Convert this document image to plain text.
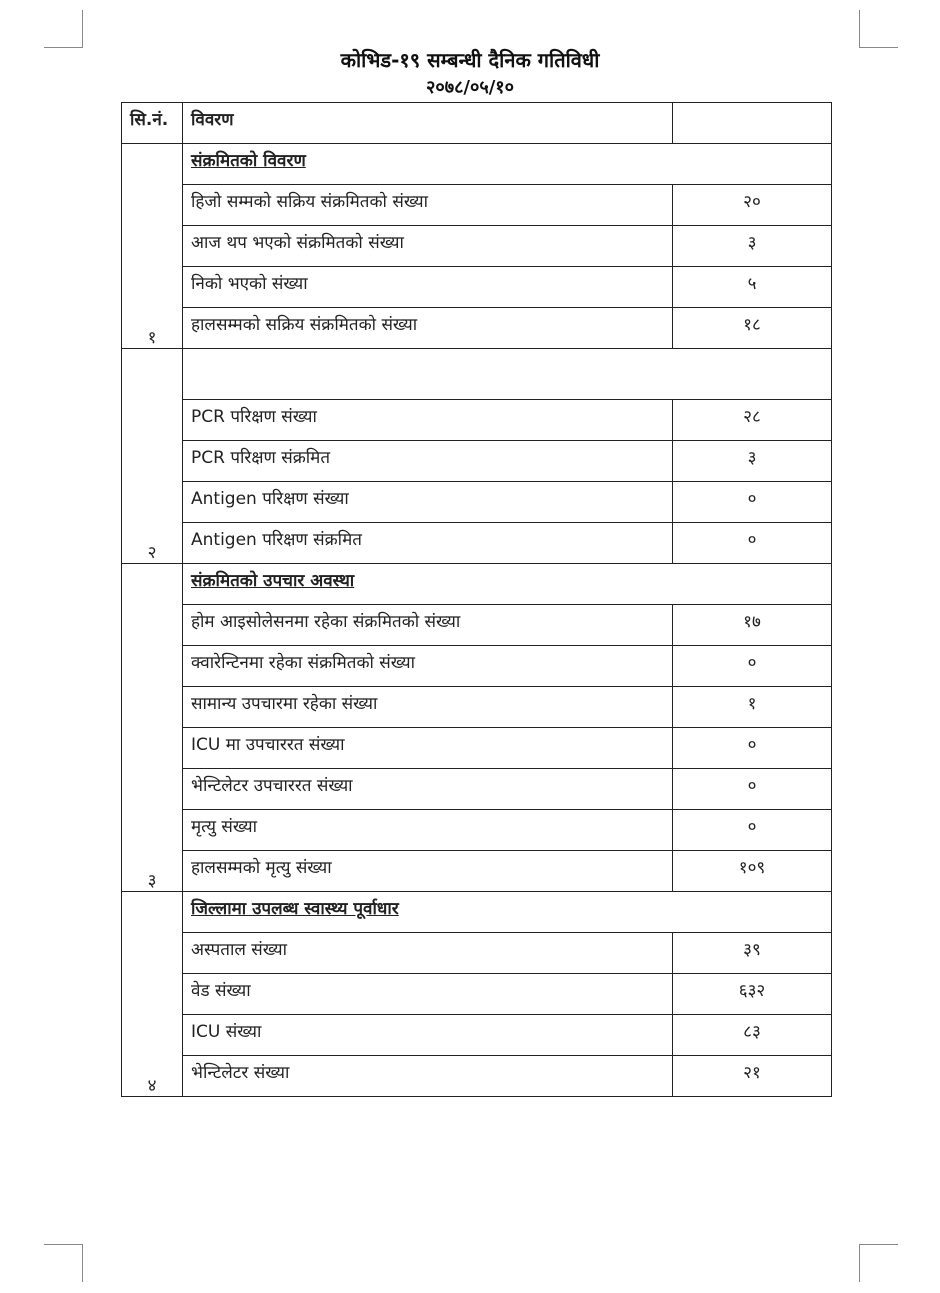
कोभिड-१९ सम्बन्धी दैनिक गतिविधी
२०७८/०५/१०
सि.नं.	विवरण	
१	संक्रमितको विवरण	
	हिजो सम्मको सक्रिय संक्रमितको संख्या	२०
	आज थप भएको संक्रमितको संख्या	३
	निको भएको संख्या	५
	हालसम्मको सक्रिय संक्रमितको संख्या	१८
२		
	PCR परिक्षण संख्या	२८
	PCR परिक्षण संक्रमित	३
	Antigen परिक्षण संख्या	०
	Antigen परिक्षण संक्रमित	०
३	संक्रमितको उपचार अवस्था	
	होम आइसोलेसनमा रहेका संक्रमितको संख्या	१७
	क्वारेन्टिनमा रहेका संक्रमितको संख्या	०
	सामान्य उपचारमा रहेका संख्या	१
	ICU मा उपचाररत संख्या	०
	भेन्टिलेटर उपचाररत संख्या	०
	मृत्यु संख्या	०
	हालसम्मको मृत्यु संख्या	१०९
४	जिल्लामा उपलब्ध स्वास्थ्य पूर्वाधार	
	अस्पताल संख्या	३९
	वेड संख्या	६३२
	ICU संख्या	८३
	भेन्टिलेटर संख्या	२१
